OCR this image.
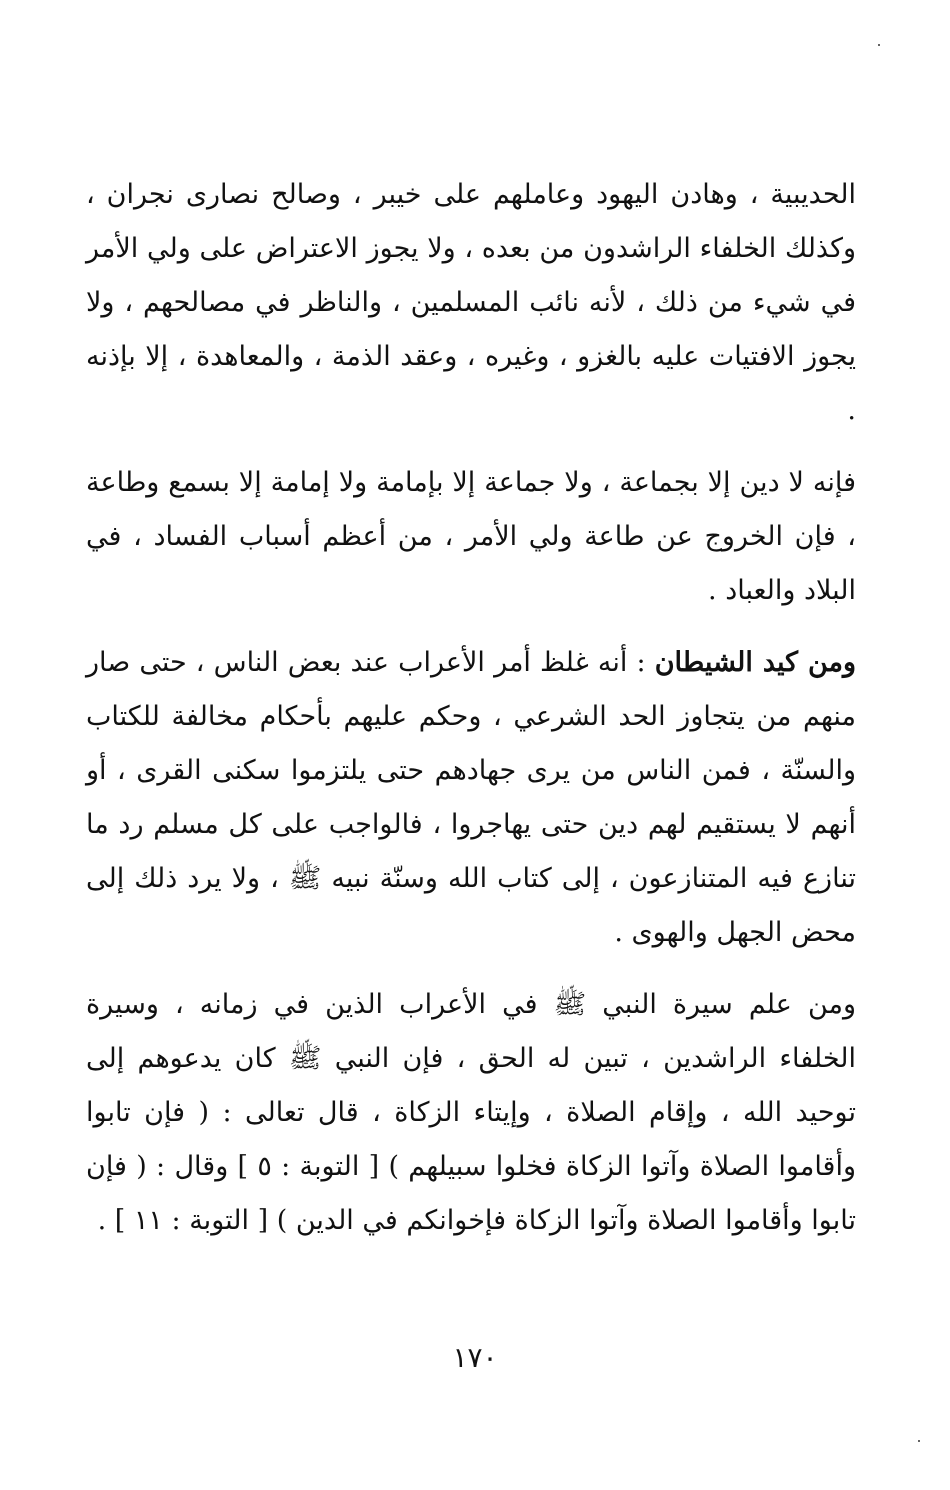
الحديبية ، وهادن اليهود وعاملهم على خيبر ، وصالح نصارى نجران ، وكذلك الخلفاء الراشدون من بعده ، ولا يجوز الاعتراض على ولي الأمر في شيء من ذلك ، لأنه نائب المسلمين ، والناظر في مصالحهم ، ولا يجوز الافتيات عليه بالغزو ، وغيره ، وعقد الذمة ، والمعاهدة ، إلا بإذنه .

فإنه لا دين إلا بجماعة ، ولا جماعة إلا بإمامة ولا إمامة إلا بسمع وطاعة ، فإن الخروج عن طاعة ولي الأمر ، من أعظم أسباب الفساد ، في البلاد والعباد .

ومن كيد الشيطان : أنه غلظ أمر الأعراب عند بعض الناس ، حتى صار منهم من يتجاوز الحد الشرعي ، وحكم عليهم بأحكام مخالفة للكتاب والسنّة ، فمن الناس من يرى جهادهم حتى يلتزموا سكنى القرى ، أو أنهم لا يستقيم لهم دين حتى يهاجروا ، فالواجب على كل مسلم رد ما تنازع فيه المتنازعون ، إلى كتاب الله وسنّة نبيه ﷺ ، ولا يرد ذلك إلى محض الجهل والهوى .

ومن علم سيرة النبي ﷺ في الأعراب الذين في زمانه ، وسيرة الخلفاء الراشدين ، تبين له الحق ، فإن النبي ﷺ كان يدعوهم إلى توحيد الله ، وإقام الصلاة ، وإيتاء الزكاة ، قال تعالى : ( فإن تابوا وأقاموا الصلاة وآتوا الزكاة فخلوا سبيلهم ) [ التوبة : ٥ ] وقال : ( فإن تابوا وأقاموا الصلاة وآتوا الزكاة فإخوانكم في الدين ) [ التوبة : ١١ ] .

١٧٠
